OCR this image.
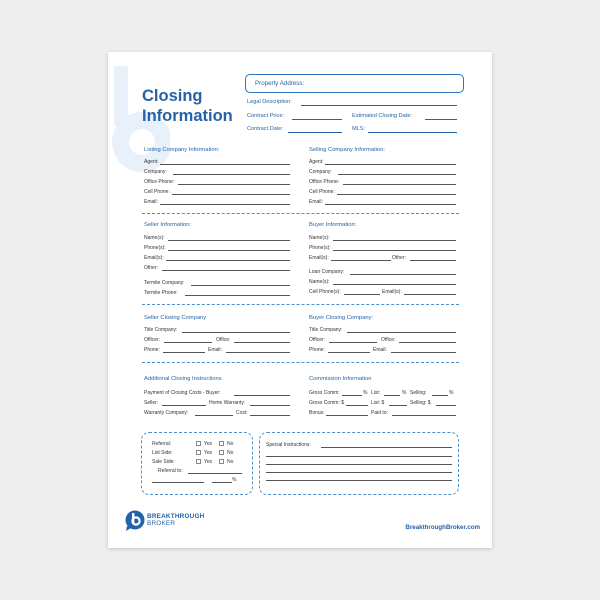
Closing
Information
Property Address:
Legal Description:
Contract Price:	Estimated Closing Date:
Contract Date:	MLS:
Listing Company Information:	Selling Company Information:
Agent:
Company:
Office Phone:
Cell Phone:
Email:
Agent:
Company:
Office Phone:
Cell Phone:
Email:
Seller Information:	Buyer Information:
Name(s):
Phone(s):
Email(s):
Other:
Termite Company:
Termite Phone:
Name(s):
Phone(s):
Email(s):	Other:
Loan Company:
Name(s):
Cell Phone(s):	Email(s):
Seller Closing Company	Buyer Closing Company:
Title Company:
Officer:	Office:
Phone:	Email:
Title Company:
Officer:	Office:
Phone:	Email:
Additional Closing Instructions	Commission Information
Payment of Closing Costs - Buyer:
Seller:	Home Warranty:
Warranty Company:	Cost:
Gross Comm:	% List:	% Selling:	%
Gross Comm: $	List: $	Selling: $
Bonus:	Paid to:
Referral:	Yes	No
List Side:	Yes	No
Sale Side:	Yes	No
Referral to:
%
Special Instructions:
BREAKTHROUGH
BROKER
BreakthroughBroker.com
